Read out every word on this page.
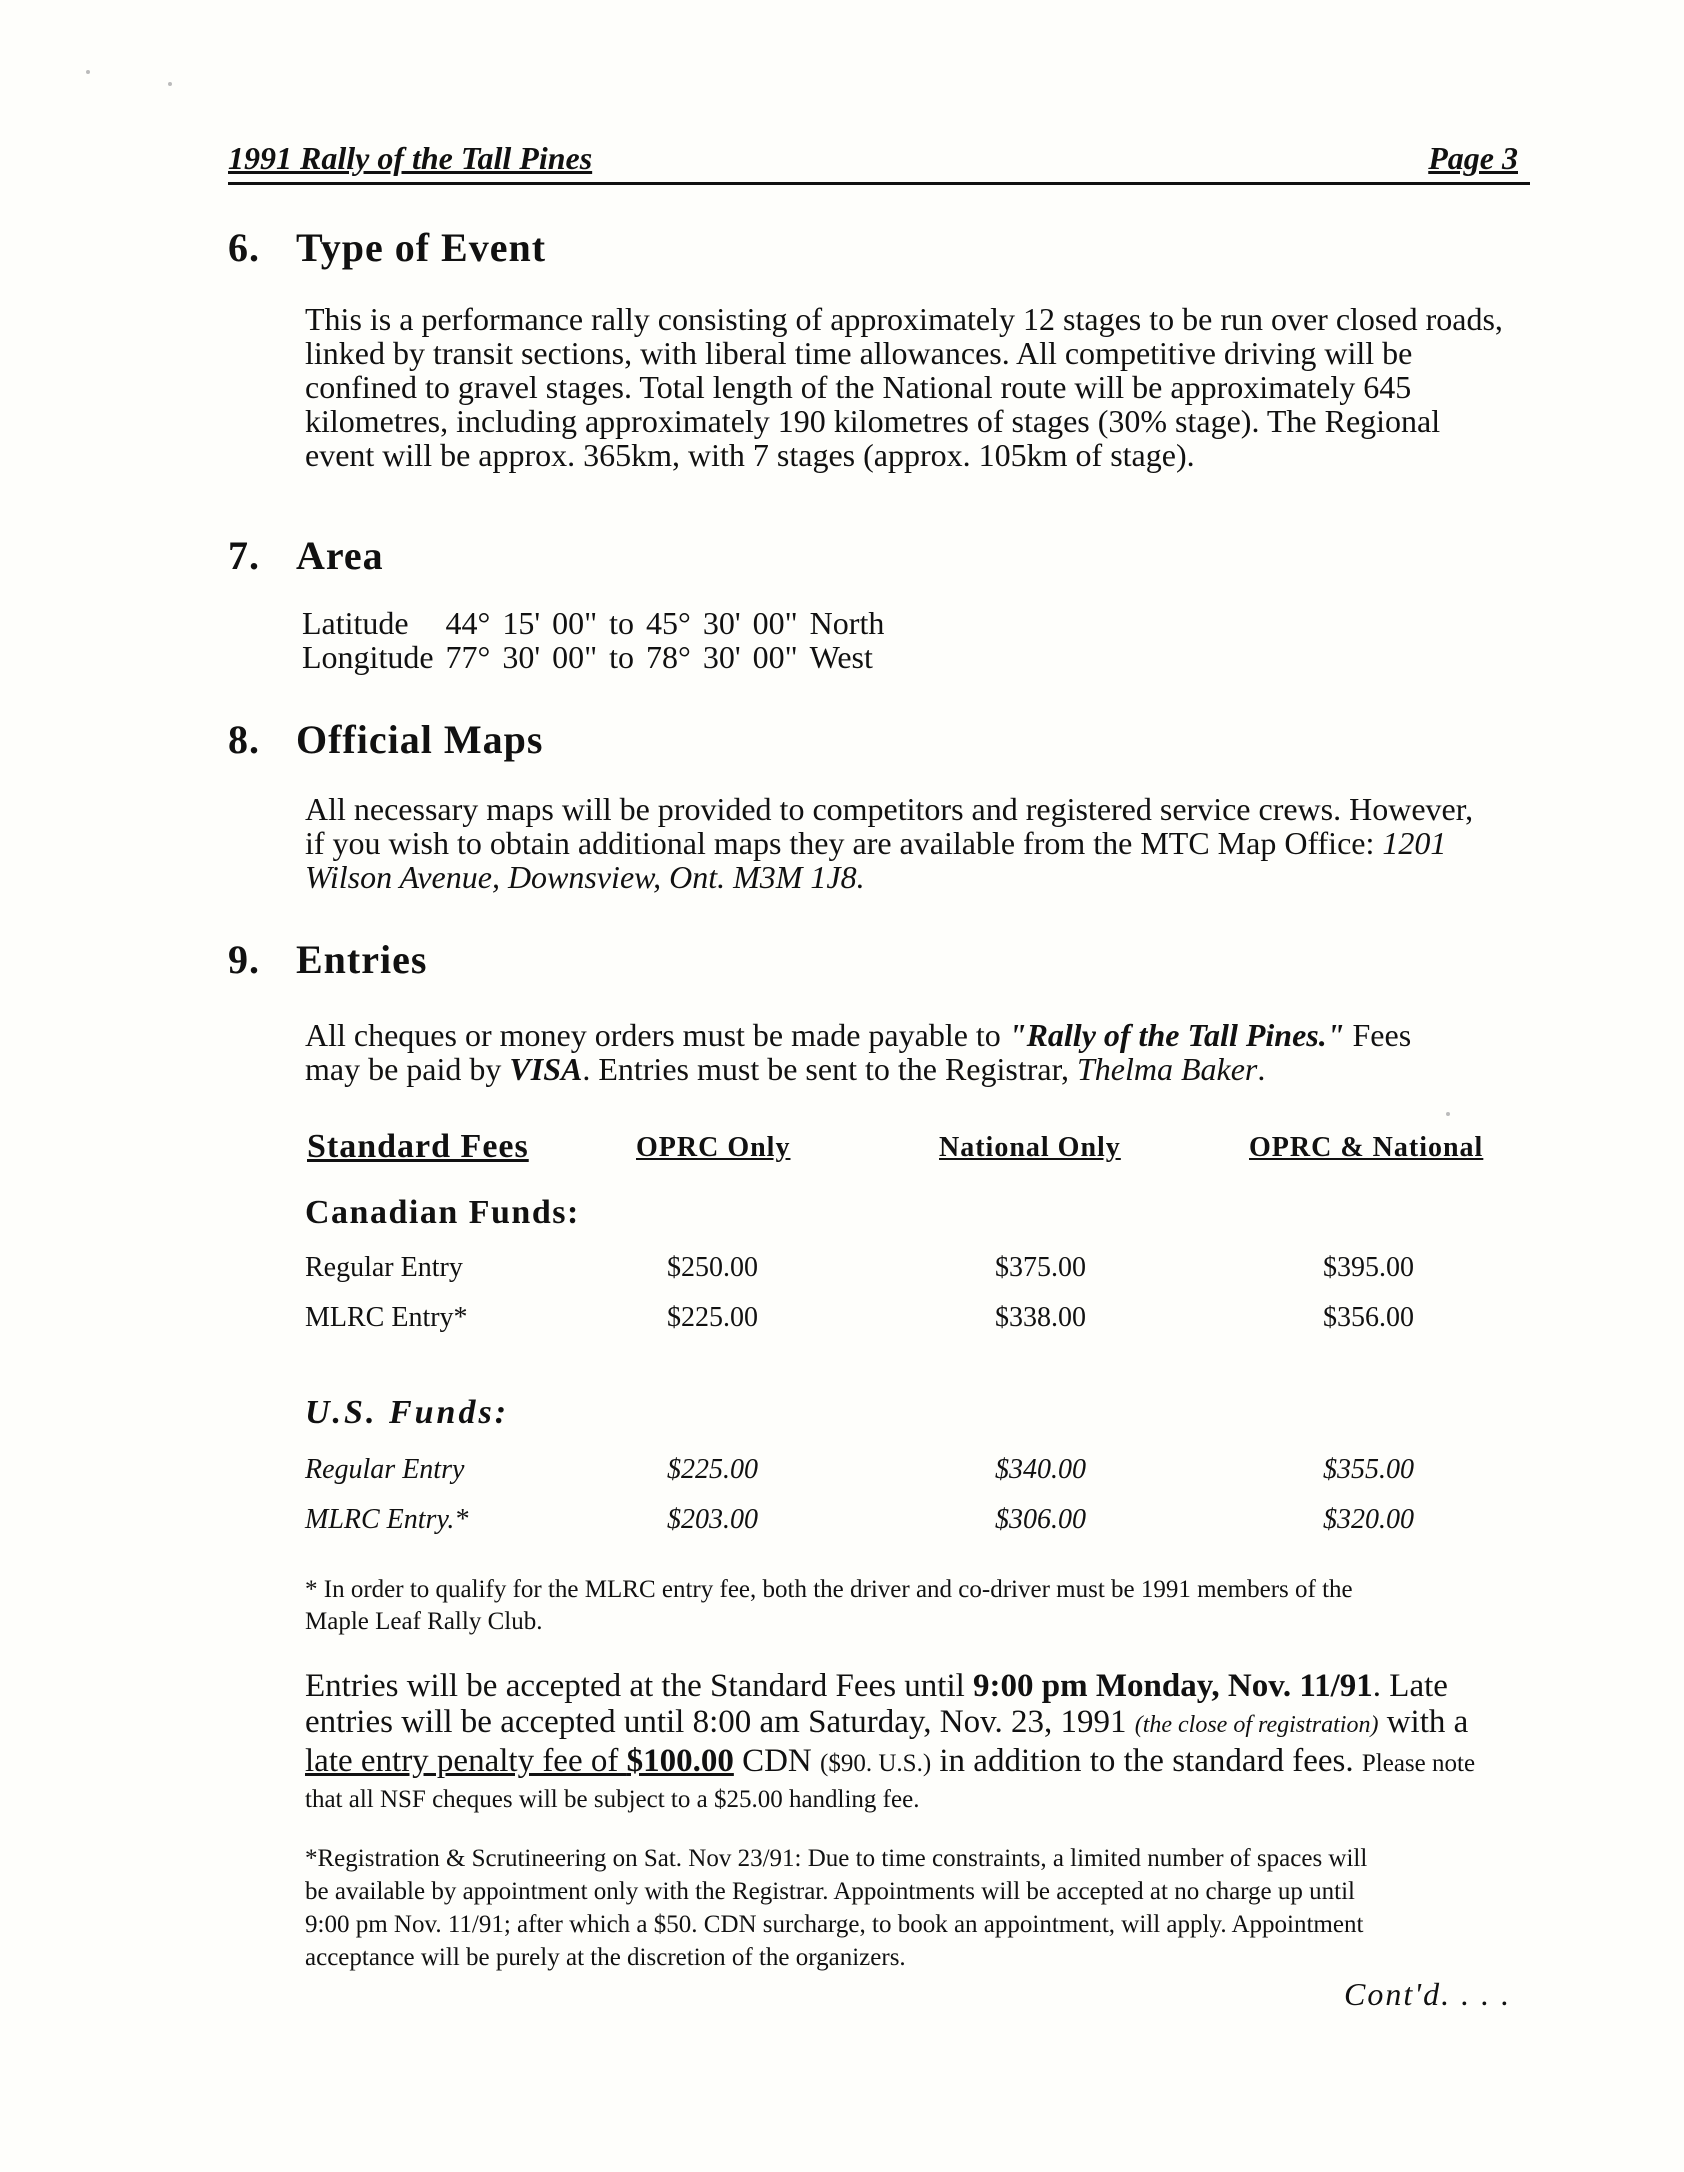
1991 Rally of the Tall Pines	Page 3
6. Type of Event
This is a performance rally consisting of approximately 12 stages to be run over closed roads,
linked by transit sections, with liberal time allowances. All competitive driving will be
confined to gravel stages. Total length of the National route will be approximately 645
kilometres, including approximately 190 kilometres of stages (30% stage). The Regional
event will be approx. 365km, with 7 stages (approx. 105km of stage).
7. Area
Latitude	44°	15'	00"	to	45°	30'	00"	North
Longitude	77°	30'	00"	to	78°	30'	00"	West
8. Official Maps
All necessary maps will be provided to competitors and registered service crews. However,
if you wish to obtain additional maps they are available from the MTC Map Office: 1201
Wilson Avenue, Downsview, Ont. M3M 1J8.
9. Entries
All cheques or money orders must be made payable to "Rally of the Tall Pines." Fees
may be paid by VISA. Entries must be sent to the Registrar, Thelma Baker.
Standard Fees	OPRC Only	National Only	OPRC & National
Canadian Funds:
Regular Entry	$250.00	$375.00	$395.00
MLRC Entry*	$225.00	$338.00	$356.00
U.S. Funds:
Regular Entry	$225.00	$340.00	$355.00
MLRC Entry.*	$203.00	$306.00	$320.00
* In order to qualify for the MLRC entry fee, both the driver and co-driver must be 1991 members of the
Maple Leaf Rally Club.
Entries will be accepted at the Standard Fees until 9:00 pm Monday, Nov. 11/91. Late
entries will be accepted until 8:00 am Saturday, Nov. 23, 1991 (the close of registration) with a
late entry penalty fee of $100.00 CDN ($90. U.S.) in addition to the standard fees. Please note
that all NSF cheques will be subject to a $25.00 handling fee.
*Registration & Scrutineering on Sat. Nov 23/91: Due to time constraints, a limited number of spaces will
be available by appointment only with the Registrar. Appointments will be accepted at no charge up until
9:00 pm Nov. 11/91; after which a $50. CDN surcharge, to book an appointment, will apply. Appointment
acceptance will be purely at the discretion of the organizers.
Cont'd. . . .
